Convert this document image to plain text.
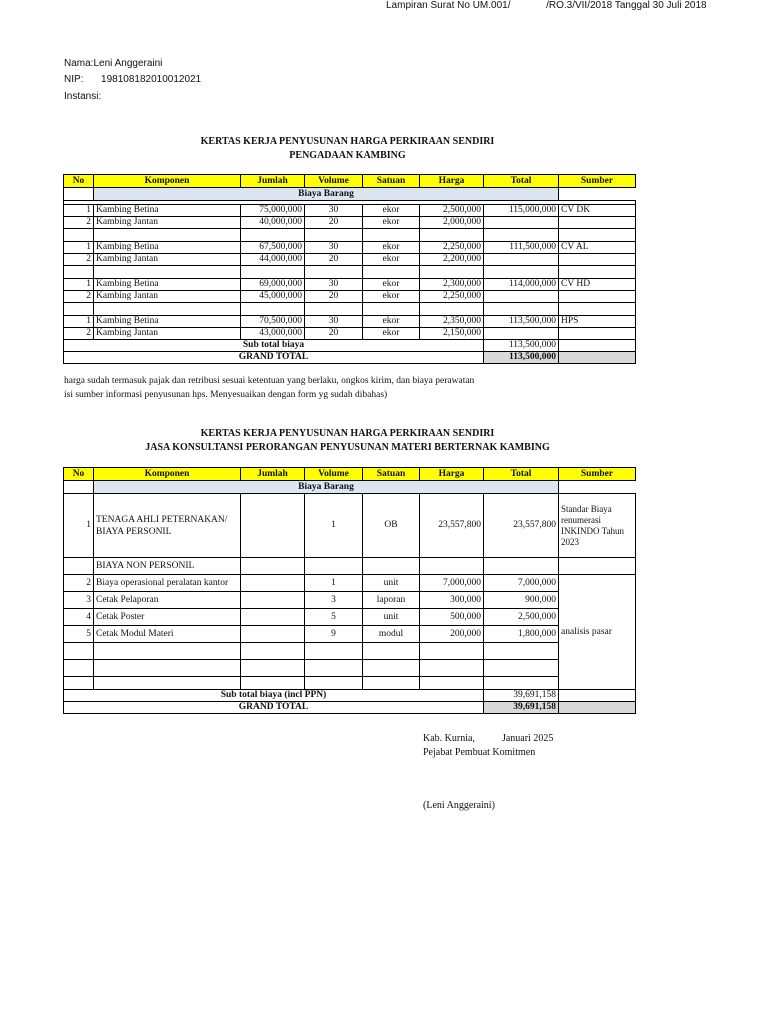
Lampiran Surat No UM.001/	/RO.3/VII/2018 Tanggal 30 Juli 2018
Nama:Leni Anggeraini
NIP: 198108182010012021
Instansi:
KERTAS KERJA PENYUSUNAN HARGA PERKIRAAN SENDIRI
PENGADAAN KAMBING
No	Komponen	Jumlah	Volume	Satuan	Harga	Total	Sumber
	Biaya Barang						

1	Kambing Betina	75,000,000	30	ekor	2,500,000	115,000,000	CV DK
2	Kambing Jantan	40,000,000	20	ekor	2,000,000		

1	Kambing Betina	67,500,000	30	ekor	2,250,000	111,500,000	CV AL
2	Kambing Jantan	44,000,000	20	ekor	2,200,000		

1	Kambing Betina	69,000,000	30	ekor	2,300,000	114,000,000	CV HD
2	Kambing Jantan	45,000,000	20	ekor	2,250,000		

1	Kambing Betina	70,500,000	30	ekor	2,350,000	113,500,000	HPS
2	Kambing Jantan	43,000,000	20	ekor	2,150,000		
Sub total biaya						113,500,000	
GRAND TOTAL						113,500,000	
harga sudah termasuk pajak dan retribusi sesuai ketentuan yang berlaku, ongkos kirim, dan biaya perawatan
isi sumber informasi penyusunan hps. Menyesuaikan dengan form yg sudah dibahas)
KERTAS KERJA PENYUSUNAN HARGA PERKIRAAN SENDIRI
JASA KONSULTANSI PERORANGAN PENYUSUNAN MATERI BERTERNAK KAMBING
No	Komponen	Jumlah	Volume	Satuan	Harga	Total	Sumber
	Biaya Barang						
1	TENAGA AHLI PETERNAKAN/ BIAYA PERSONIL		1	OB	23,557,800	23,557,800	Standar Biaya renumerasi INKINDO Tahun 2023
	BIAYA NON PERSONIL						
2	Biaya operasional peralatan kantor		1	unit	7,000,000	7,000,000	analisis pasar
3	Cetak Pelaporan		3	laporan	300,000	900,000	
4	Cetak Poster		5	unit	500,000	2,500,000	
5	Cetak Modul Materi		9	modul	200,000	1,800,000	

Sub total biaya (incl PPN)						39,691,158	
GRAND TOTAL						39,691,158	
Kab. Kurnia,	Januari 2025
Pejabat Pembuat Komitmen
(Leni Anggeraini)
